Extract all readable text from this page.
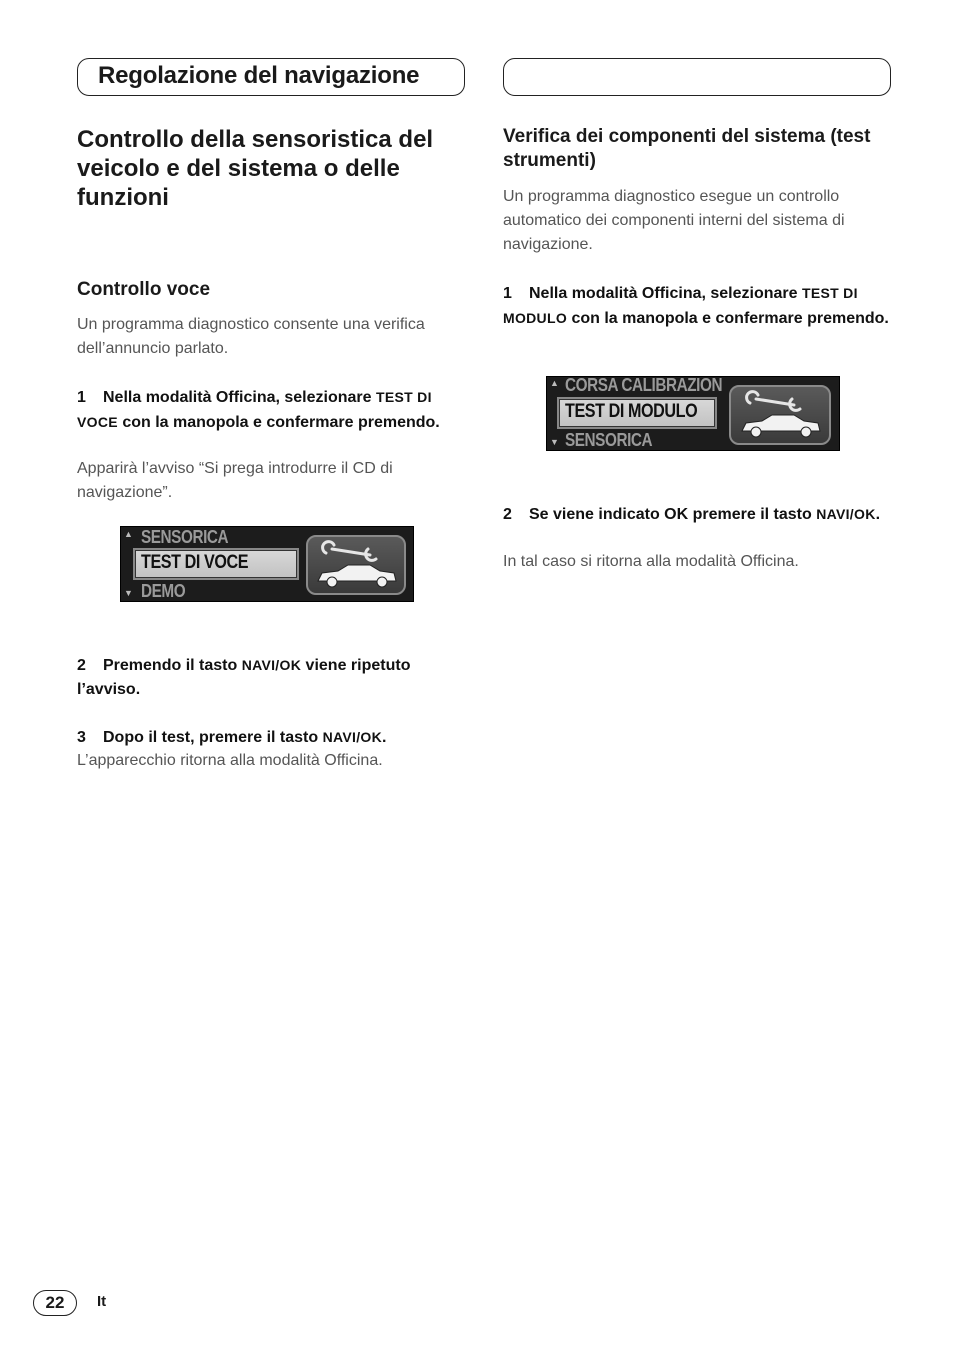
Regolazione del navigazione
Controllo della sensoristica del veicolo e del sistema o delle funzioni
Controllo voce

Un programma diagnostico consente una verifica dell’annuncio parlato.

1 Nella modalità Officina, selezionare TEST DI VOCE con la manopola e confermare premendo.

Apparirà l’avviso “Si prega introdurre il CD di navigazione”.

▲ SENSORICA
TEST DI VOCE
▼ DEMO

2 Premendo il tasto NAVI/OK viene ripetuto l’avviso.

3 Dopo il test, premere il tasto NAVI/OK.

L’apparecchio ritorna alla modalità Officina.

Verifica dei componenti del sistema (test strumenti)

Un programma diagnostico esegue un controllo automatico dei componenti interni del sistema di navigazione.

1 Nella modalità Officina, selezionare TEST DI MODULO con la manopola e confermare premendo.

▲ CORSA CALIBRAZION
TEST DI MODULO
▼ SENSORICA

2 Se viene indicato OK premere il tasto NAVI/OK.

In tal caso si ritorna alla modalità Officina.

22	It
